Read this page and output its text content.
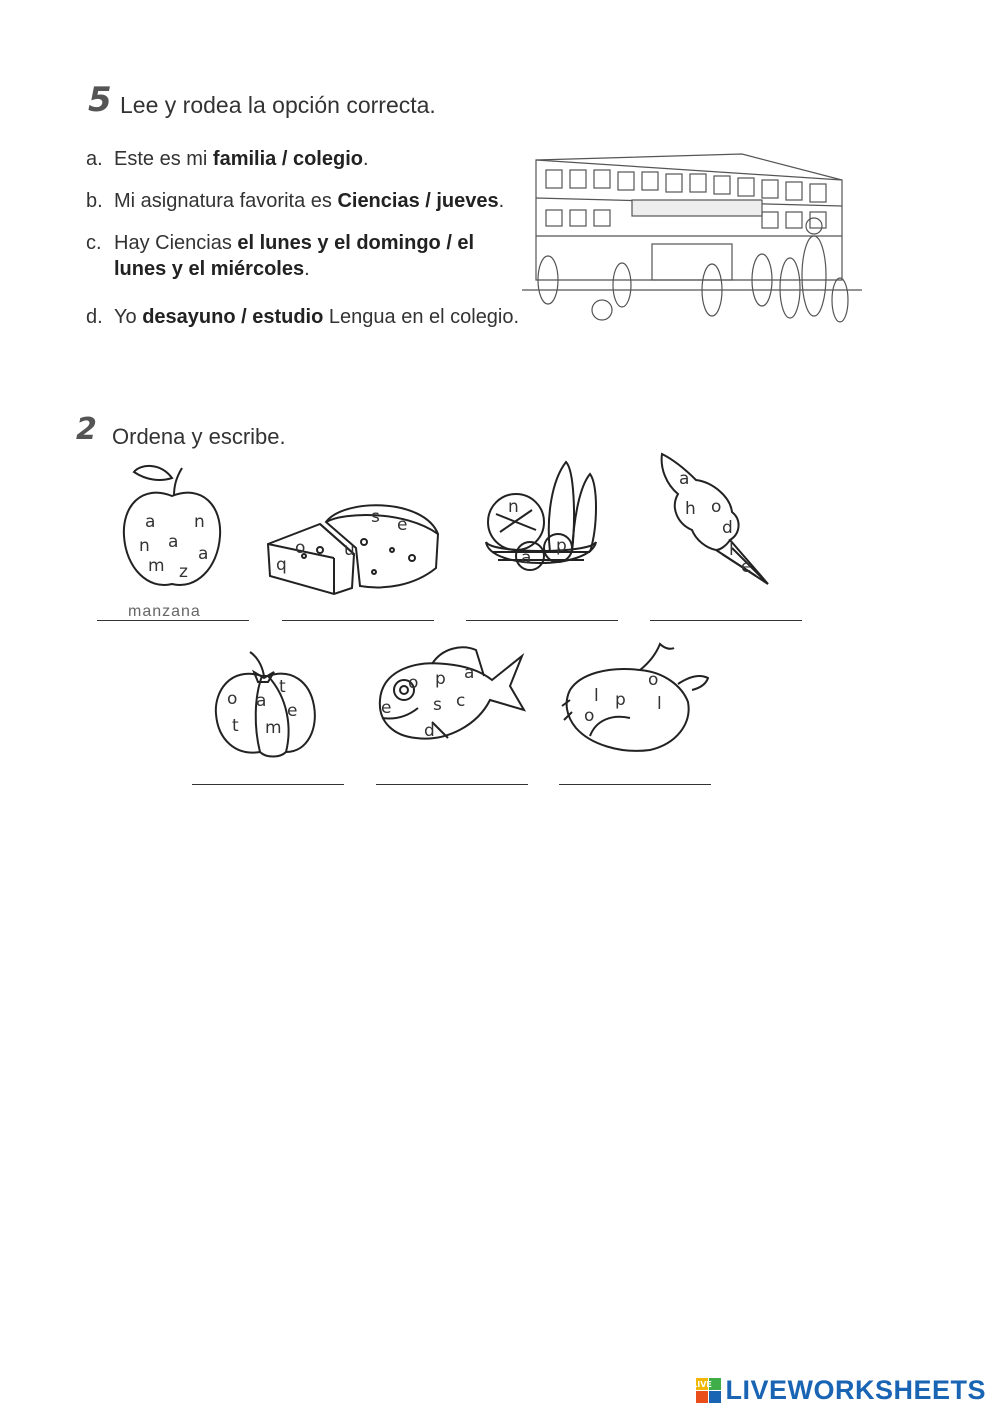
5 Lee y rodea la opción correcta.
a. Este es mi familia / colegio.
b. Mi asignatura favorita es Ciencias / jueves.
c. Hay Ciencias el lunes y el domingo / el
lunes y el miércoles.
d. Yo desayuno / estudio Lengua en el colegio.
2 Ordena y escribe.
a n
n a
a
m z
s e
o u
q
n
a
p
a
h o
d
l
e
manzana
t
o a e
t m
p a
o
e s c
d
o
l p l
o
LIVE LIVEWORKSHEETS
